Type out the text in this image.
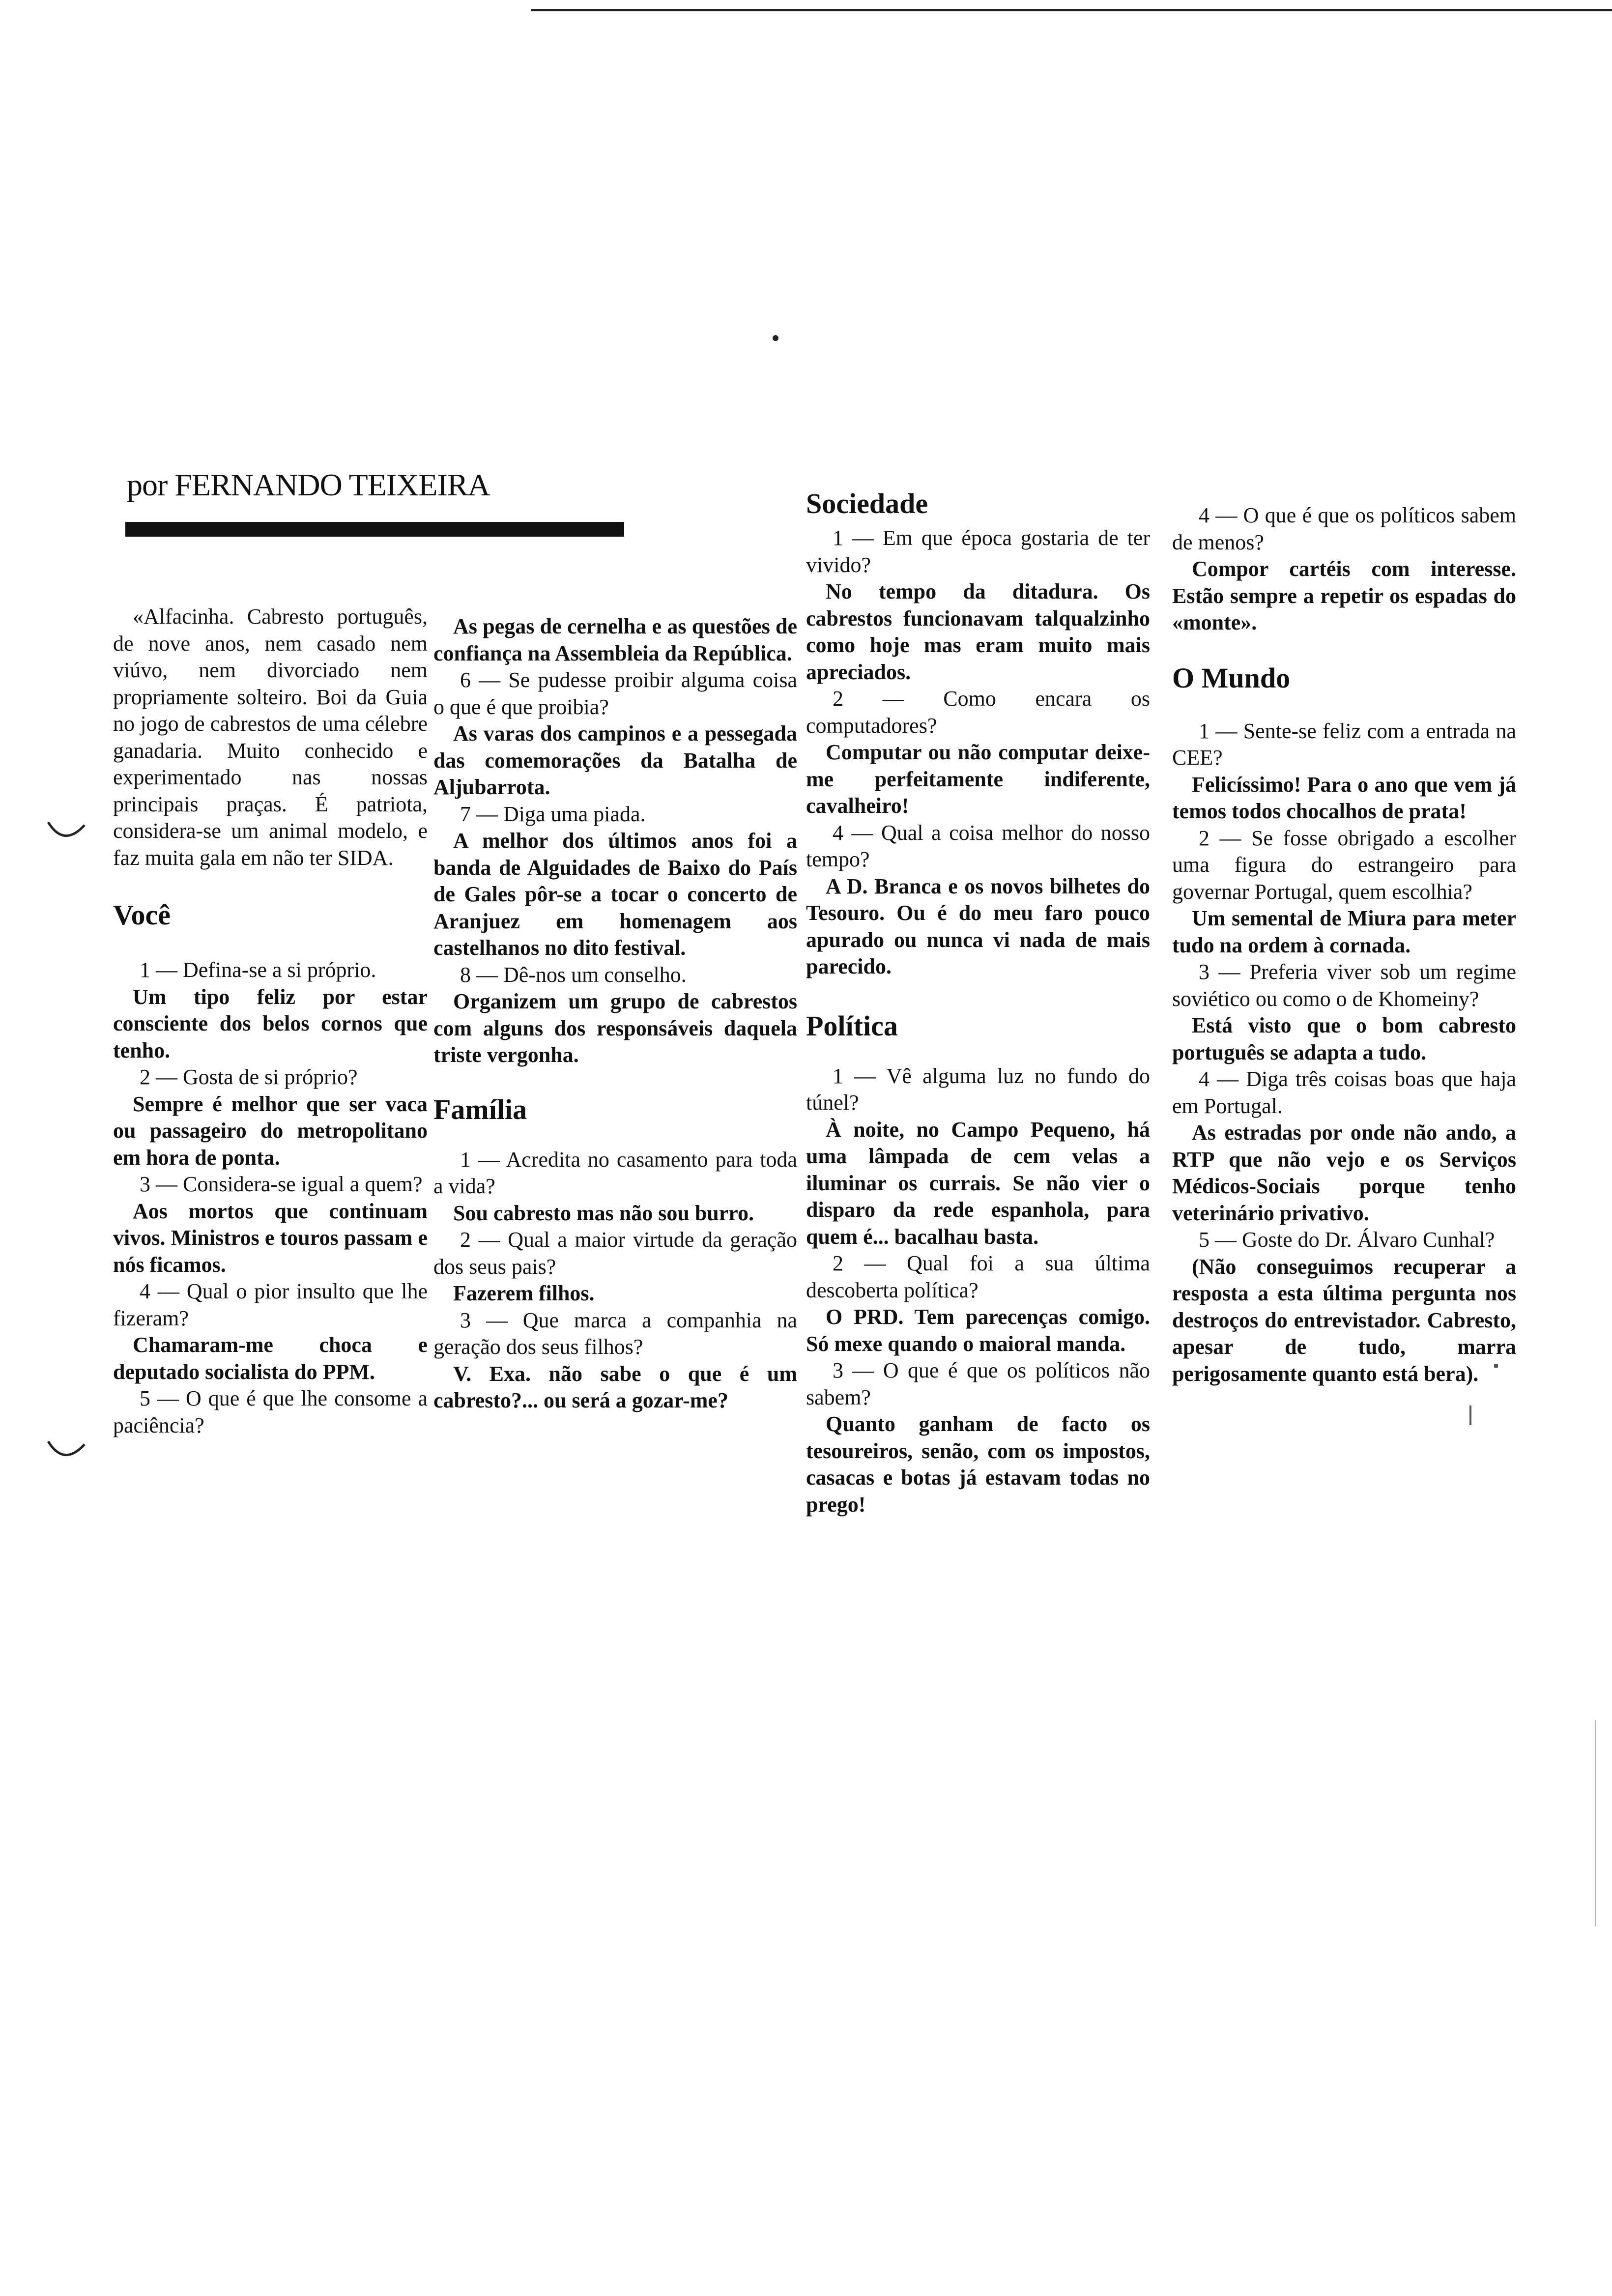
por FERNANDO TEIXEIRA

«Alfacinha. Cabresto português, de nove anos, nem casado nem viúvo, nem divorciado nem propriamente solteiro. Boi da Guia no jogo de cabrestos de uma célebre ganadaria. Muito conhecido e experimentado nas nossas principais praças. É patriota, considera-se um animal modelo, e faz muita gala em não ter SIDA.

Você

1 — Defina-se a si próprio.

Um tipo feliz por estar consciente dos belos cornos que tenho.

2 — Gosta de si próprio?

Sempre é melhor que ser vaca ou passageiro do metropolitano em hora de ponta.

3 — Considera-se igual a quem?

Aos mortos que continuam vivos. Ministros e touros passam e nós ficamos.

4 — Qual o pior insulto que lhe fizeram?

Chamaram-me choca e deputado socialista do PPM.

5 — O que é que lhe consome a paciência?

As pegas de cernelha e as questões de confiança na Assembleia da República.

6 — Se pudesse proibir alguma coisa o que é que proibia?

As varas dos campinos e a pessegada das comemorações da Batalha de Aljubarrota.

7 — Diga uma piada.

A melhor dos últimos anos foi a banda de Alguidades de Baixo do País de Gales pôr-se a tocar o concerto de Aranjuez em homenagem aos castelhanos no dito festival.

8 — Dê-nos um conselho.

Organizem um grupo de cabrestos com alguns dos responsáveis daquela triste vergonha.

Família

1 — Acredita no casamento para toda a vida?

Sou cabresto mas não sou burro.

2 — Qual a maior virtude da geração dos seus pais?

Fazerem filhos.

3 — Que marca a companhia na geração dos seus filhos?

V. Exa. não sabe o que é um cabresto?... ou será a gozar-me?

Sociedade

1 — Em que época gostaria de ter vivido?

No tempo da ditadura. Os cabrestos funcionavam talqualzinho como hoje mas eram muito mais apreciados.

2 — Como encara os computadores?

Computar ou não computar deixe-me perfeitamente indiferente, cavalheiro!

4 — Qual a coisa melhor do nosso tempo?

A D. Branca e os novos bilhetes do Tesouro. Ou é do meu faro pouco apurado ou nunca vi nada de mais parecido.

Política

1 — Vê alguma luz no fundo do túnel?

À noite, no Campo Pequeno, há uma lâmpada de cem velas a iluminar os currais. Se não vier o disparo da rede espanhola, para quem é... bacalhau basta.

2 — Qual foi a sua última descoberta política?

O PRD. Tem parecenças comigo. Só mexe quando o maioral manda.

3 — O que é que os políticos não sabem?

Quanto ganham de facto os tesoureiros, senão, com os impostos, casacas e botas já estavam todas no prego!

4 — O que é que os políticos sabem de menos?

Compor cartéis com interesse. Estão sempre a repetir os espadas do «monte».

O Mundo

1 — Sente-se feliz com a entrada na CEE?

Felicíssimo! Para o ano que vem já temos todos chocalhos de prata!

2 — Se fosse obrigado a escolher uma figura do estrangeiro para governar Portugal, quem escolhia?

Um semental de Miura para meter tudo na ordem à cornada.

3 — Preferia viver sob um regime soviético ou como o de Khomeiny?

Está visto que o bom cabresto português se adapta a tudo.

4 — Diga três coisas boas que haja em Portugal.

As estradas por onde não ando, a RTP que não vejo e os Serviços Médicos-Sociais porque tenho veterinário privativo.

5 — Goste do Dr. Álvaro Cunhal?

(Não conseguimos recuperar a resposta a esta última pergunta nos destroços do entrevistador. Cabresto, apesar de tudo, marra perigosamente quanto está bera).
